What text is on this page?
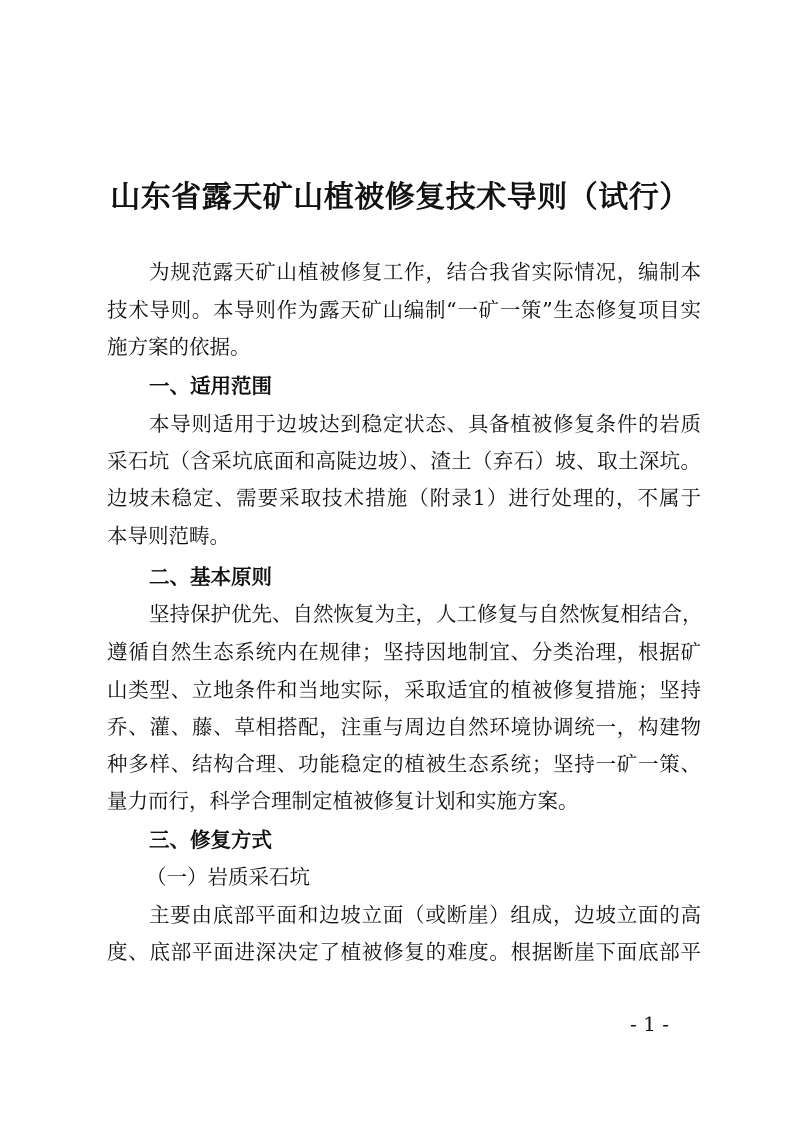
山东省露天矿山植被修复技术导则（试行）
为规范露天矿山植被修复工作，结合我省实际情况，编制本
技术导则。本导则作为露天矿山编制“一矿一策”生态修复项目实
施方案的依据。
一、适用范围
本导则适用于边坡达到稳定状态、具备植被修复条件的岩质
采石坑（含采坑底面和高陡边坡）、渣土（弃石）坡、取土深坑。
边坡未稳定、需要采取技术措施（附录1）进行处理的，不属于
本导则范畴。
二、基本原则
坚持保护优先、自然恢复为主，人工修复与自然恢复相结合，
遵循自然生态系统内在规律；坚持因地制宜、分类治理，根据矿
山类型、立地条件和当地实际，采取适宜的植被修复措施；坚持
乔、灌、藤、草相搭配，注重与周边自然环境协调统一，构建物
种多样、结构合理、功能稳定的植被生态系统；坚持一矿一策、
量力而行，科学合理制定植被修复计划和实施方案。
三、修复方式
（一）岩质采石坑
主要由底部平面和边坡立面（或断崖）组成，边坡立面的高
度、底部平面进深决定了植被修复的难度。根据断崖下面底部平
- 1 -
